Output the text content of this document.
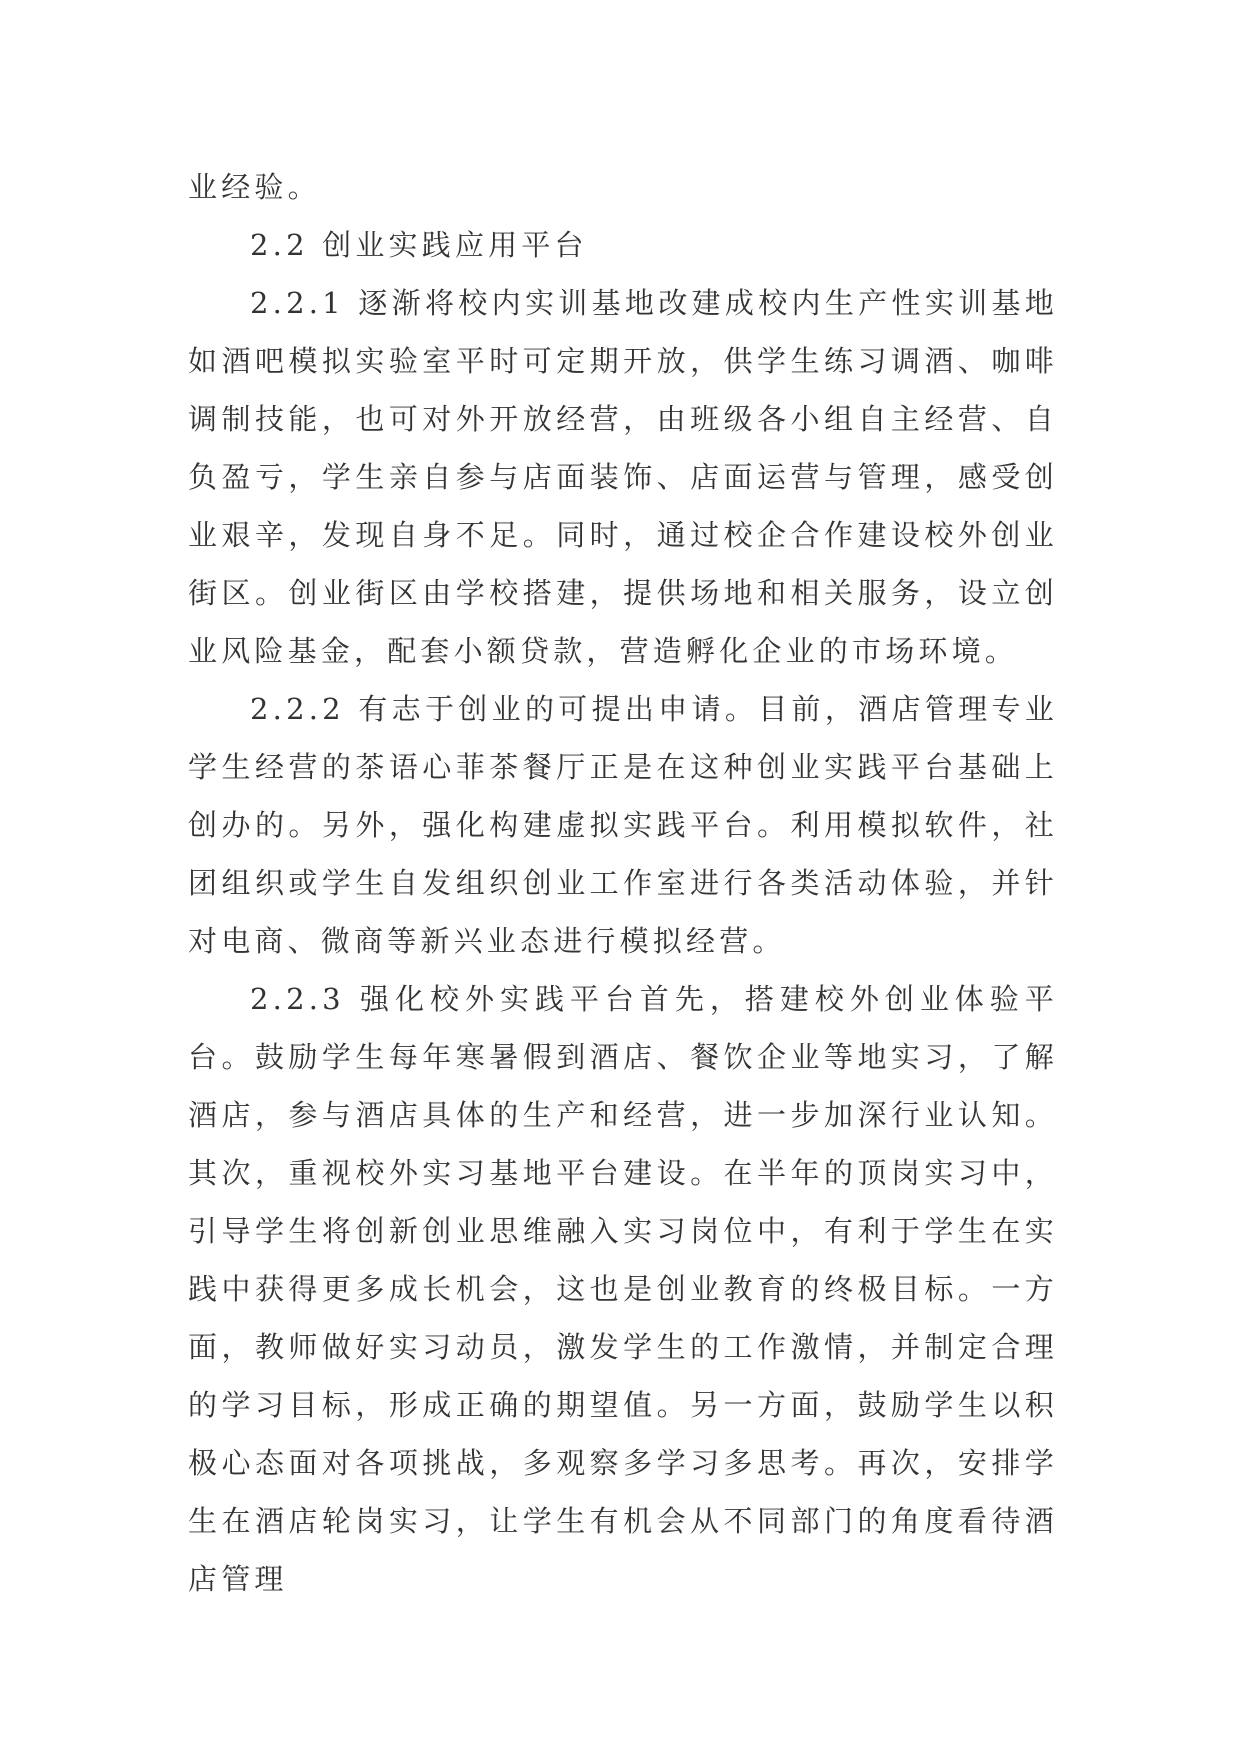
业经验。

2.2 创业实践应用平台

2.2.1 逐渐将校内实训基地改建成校内生产性实训基地如酒吧模拟实验室平时可定期开放，供学生练习调酒、咖啡调制技能，也可对外开放经营，由班级各小组自主经营、自负盈亏，学生亲自参与店面装饰、店面运营与管理，感受创业艰辛，发现自身不足。同时，通过校企合作建设校外创业街区。创业街区由学校搭建，提供场地和相关服务，设立创业风险基金，配套小额贷款，营造孵化企业的市场环境。

2.2.2 有志于创业的可提出申请。目前，酒店管理专业学生经营的茶语心菲茶餐厅正是在这种创业实践平台基础上创办的。另外，强化构建虚拟实践平台。利用模拟软件，社团组织或学生自发组织创业工作室进行各类活动体验，并针对电商、微商等新兴业态进行模拟经营。

2.2.3 强化校外实践平台首先，搭建校外创业体验平台。鼓励学生每年寒暑假到酒店、餐饮企业等地实习，了解酒店，参与酒店具体的生产和经营，进一步加深行业认知。其次，重视校外实习基地平台建设。在半年的顶岗实习中，引导学生将创新创业思维融入实习岗位中，有利于学生在实践中获得更多成长机会，这也是创业教育的终极目标。一方面，教师做好实习动员，激发学生的工作激情，并制定合理的学习目标，形成正确的期望值。另一方面，鼓励学生以积极心态面对各项挑战，多观察多学习多思考。再次，安排学生在酒店轮岗实习，让学生有机会从不同部门的角度看待酒店管理
